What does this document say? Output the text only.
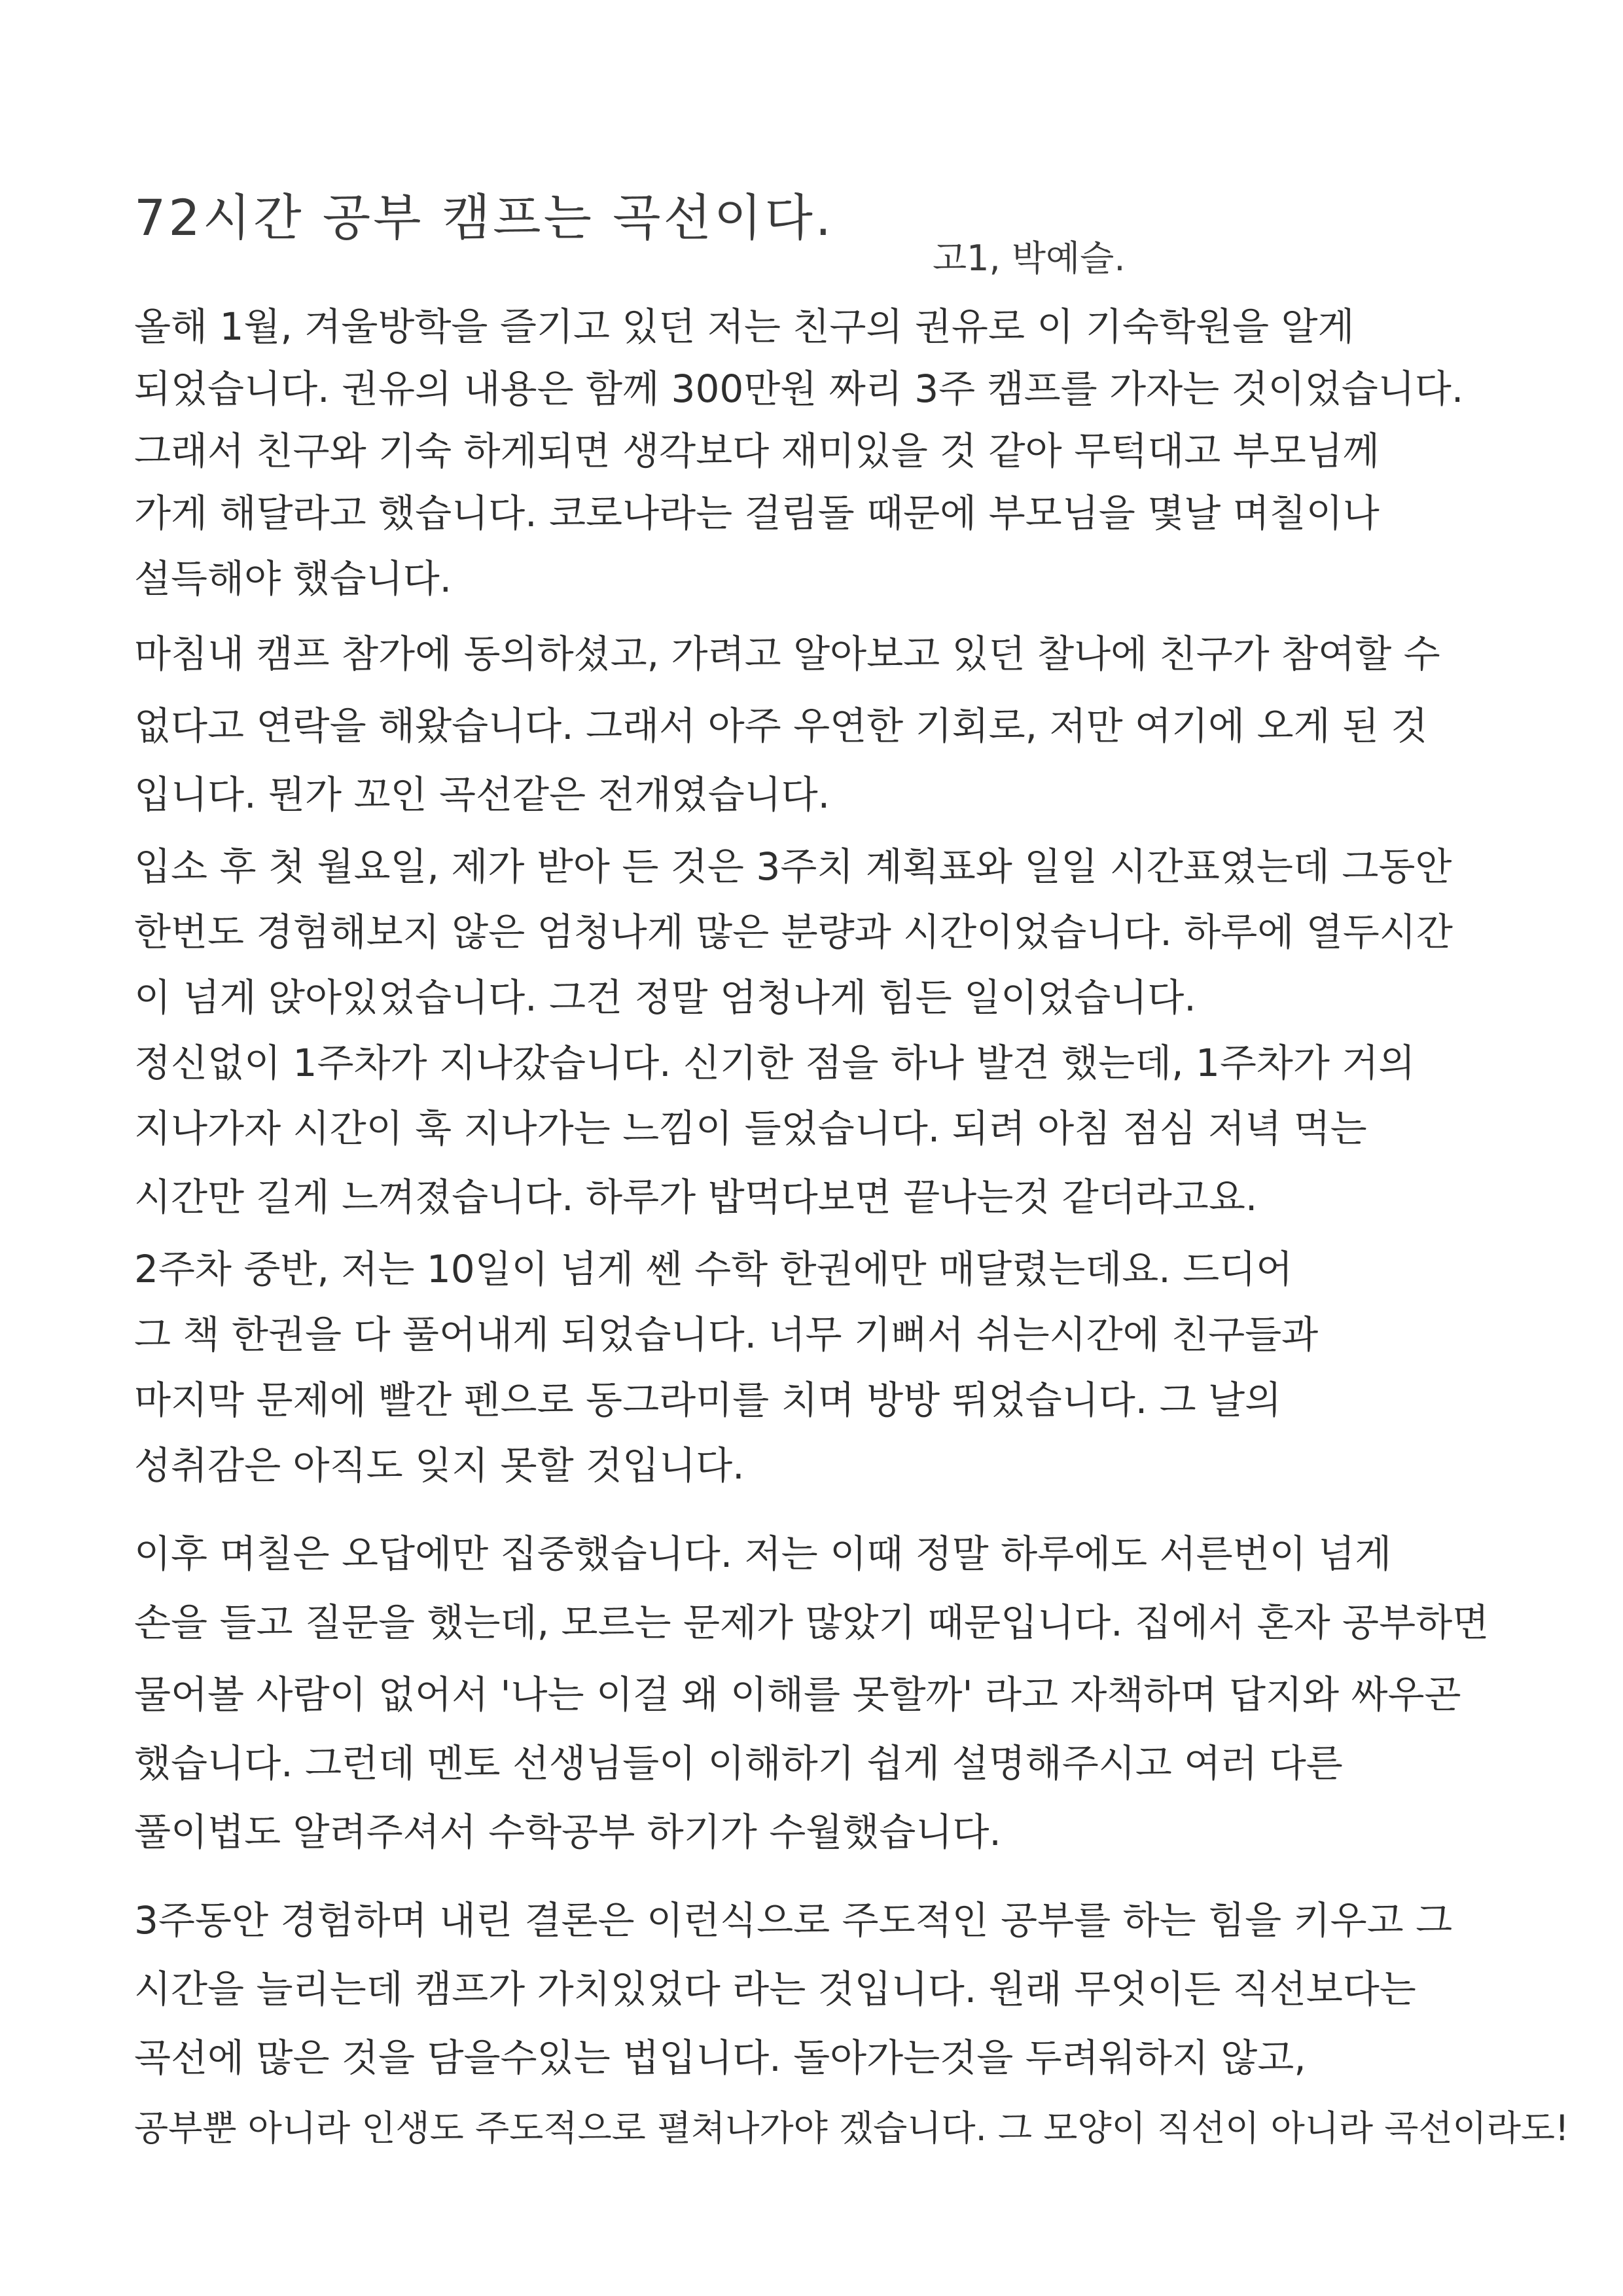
72시간 공부 캠프는 곡선이다.
고1, 박예슬.
올해 1월, 겨울방학을 즐기고 있던 저는 친구의 권유로 이 기숙학원을 알게
되었습니다. 권유의 내용은 함께 300만원 짜리 3주 캠프를 가자는 것이었습니다.
그래서 친구와 기숙 하게되면 생각보다 재미있을 것 같아 무턱대고 부모님께
가게 해달라고 했습니다. 코로나라는 걸림돌 때문에 부모님을 몇날 며칠이나
설득해야 했습니다.
마침내 캠프 참가에 동의하셨고, 가려고 알아보고 있던 찰나에 친구가 참여할 수
없다고 연락을 해왔습니다. 그래서 아주 우연한 기회로, 저만 여기에 오게 된 것
입니다. 뭔가 꼬인 곡선같은 전개였습니다.
입소 후 첫 월요일, 제가 받아 든 것은 3주치 계획표와 일일 시간표였는데 그동안
한번도 경험해보지 않은 엄청나게 많은 분량과 시간이었습니다. 하루에 열두시간
이 넘게 앉아있었습니다. 그건 정말 엄청나게 힘든 일이었습니다.
정신없이 1주차가 지나갔습니다. 신기한 점을 하나 발견 했는데, 1주차가 거의
지나가자 시간이 훅 지나가는 느낌이 들었습니다. 되려 아침 점심 저녁 먹는
시간만 길게 느껴졌습니다. 하루가 밥먹다보면 끝나는것 같더라고요.
2주차 중반, 저는 10일이 넘게 쎈 수학 한권에만 매달렸는데요. 드디어
그 책 한권을 다 풀어내게 되었습니다. 너무 기뻐서 쉬는시간에 친구들과
마지막 문제에 빨간 펜으로 동그라미를 치며 방방 뛰었습니다. 그 날의
성취감은 아직도 잊지 못할 것입니다.
이후 며칠은 오답에만 집중했습니다. 저는 이때 정말 하루에도 서른번이 넘게
손을 들고 질문을 했는데, 모르는 문제가 많았기 때문입니다. 집에서 혼자 공부하면
물어볼 사람이 없어서 '나는 이걸 왜 이해를 못할까' 라고 자책하며 답지와 싸우곤
했습니다. 그런데 멘토 선생님들이 이해하기 쉽게 설명해주시고 여러 다른
풀이법도 알려주셔서 수학공부 하기가 수월했습니다.
3주동안 경험하며 내린 결론은 이런식으로 주도적인 공부를 하는 힘을 키우고 그
시간을 늘리는데 캠프가 가치있었다 라는 것입니다. 원래 무엇이든 직선보다는
곡선에 많은 것을 담을수있는 법입니다. 돌아가는것을 두려워하지 않고,
공부뿐 아니라 인생도 주도적으로 펼쳐나가야 겠습니다. 그 모양이 직선이 아니라 곡선이라도!
